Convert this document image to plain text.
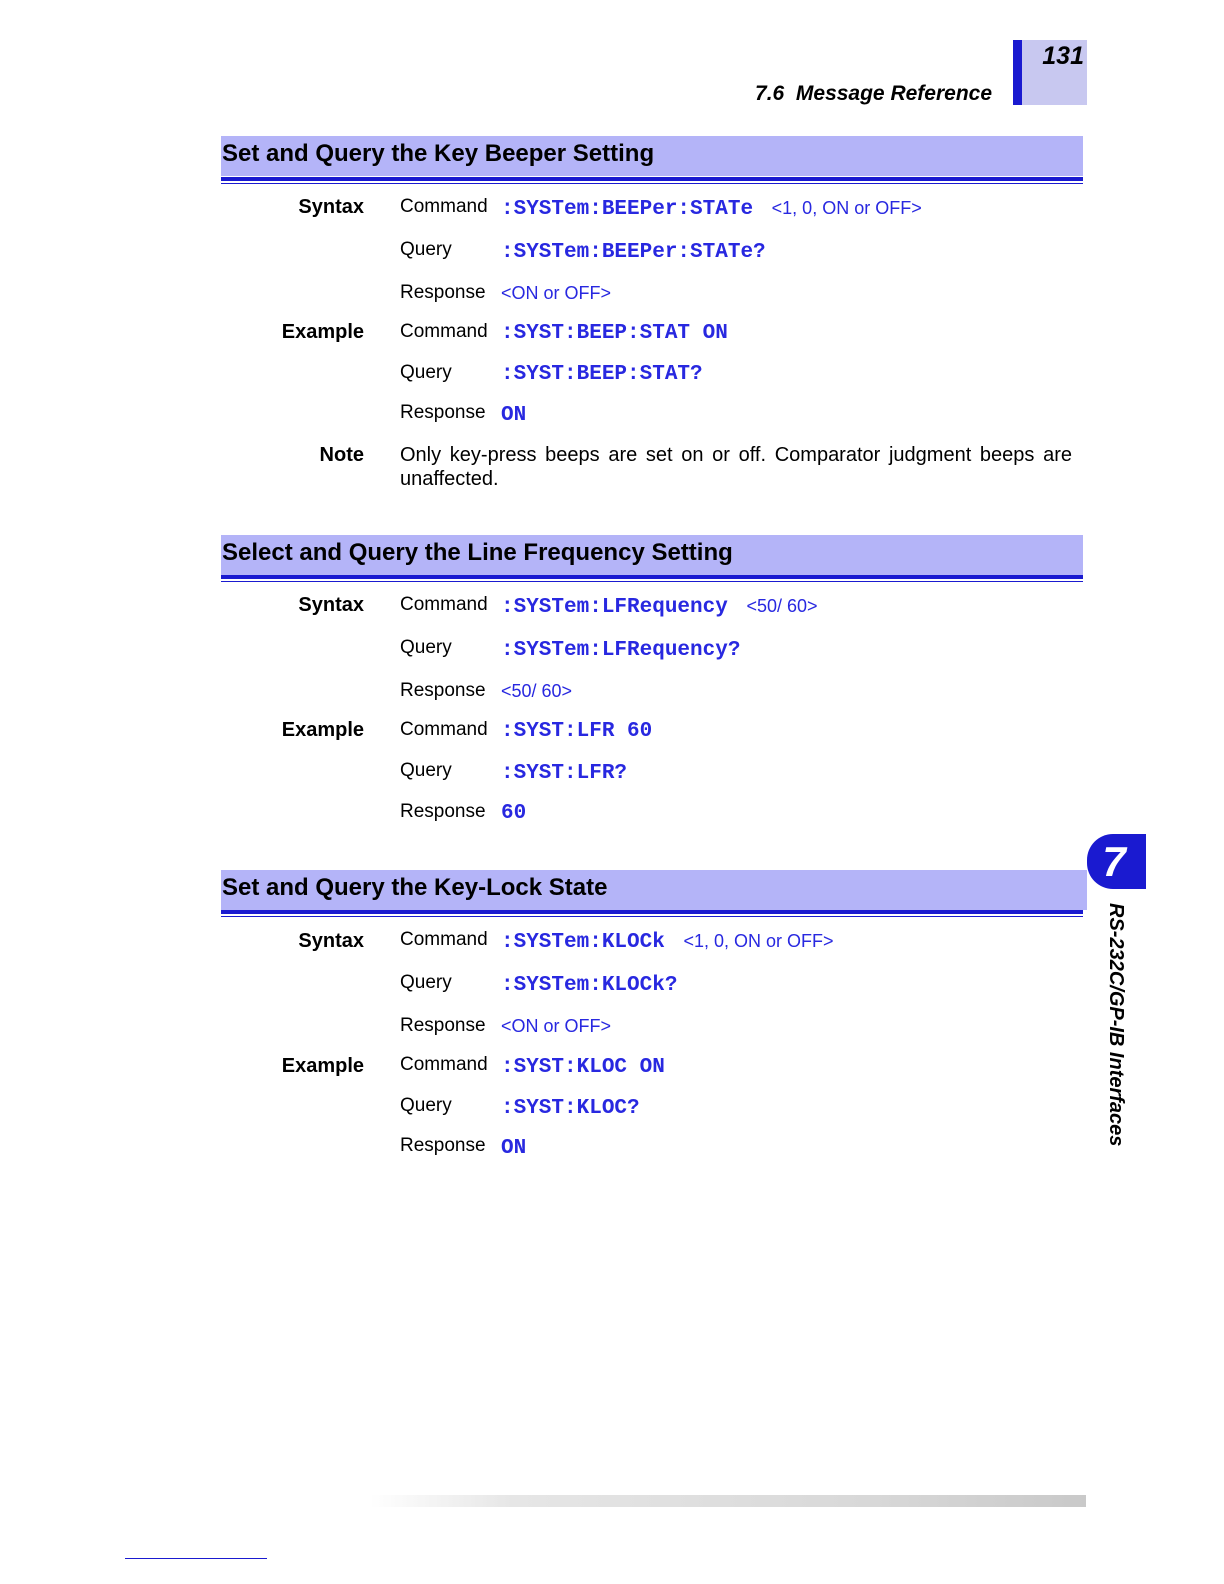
131
7.6  Message Reference
Set and Query the Key Beeper Setting
Syntax Command :SYSTem:BEEPer:STATe <1, 0, ON or OFF>
Query :SYSTem:BEEPer:STATe?
Response <ON or OFF>
Example Command :SYST:BEEP:STAT ON
Query :SYST:BEEP:STAT?
Response ON
Note Only key-press beeps are set on or off. Comparator judgment beeps are unaffected.
Select and Query the Line Frequency Setting
Syntax Command :SYSTem:LFRequency <50/ 60>
Query :SYSTem:LFRequency?
Response <50/ 60>
Example Command :SYST:LFR 60
Query :SYST:LFR?
Response 60
Set and Query the Key-Lock State
Syntax Command :SYSTem:KLOCk <1, 0, ON or OFF>
Query :SYSTem:KLOCk?
Response <ON or OFF>
Example Command :SYST:KLOC ON
Query :SYST:KLOC?
Response ON
7
RS-232C/GP-IB Interfaces
